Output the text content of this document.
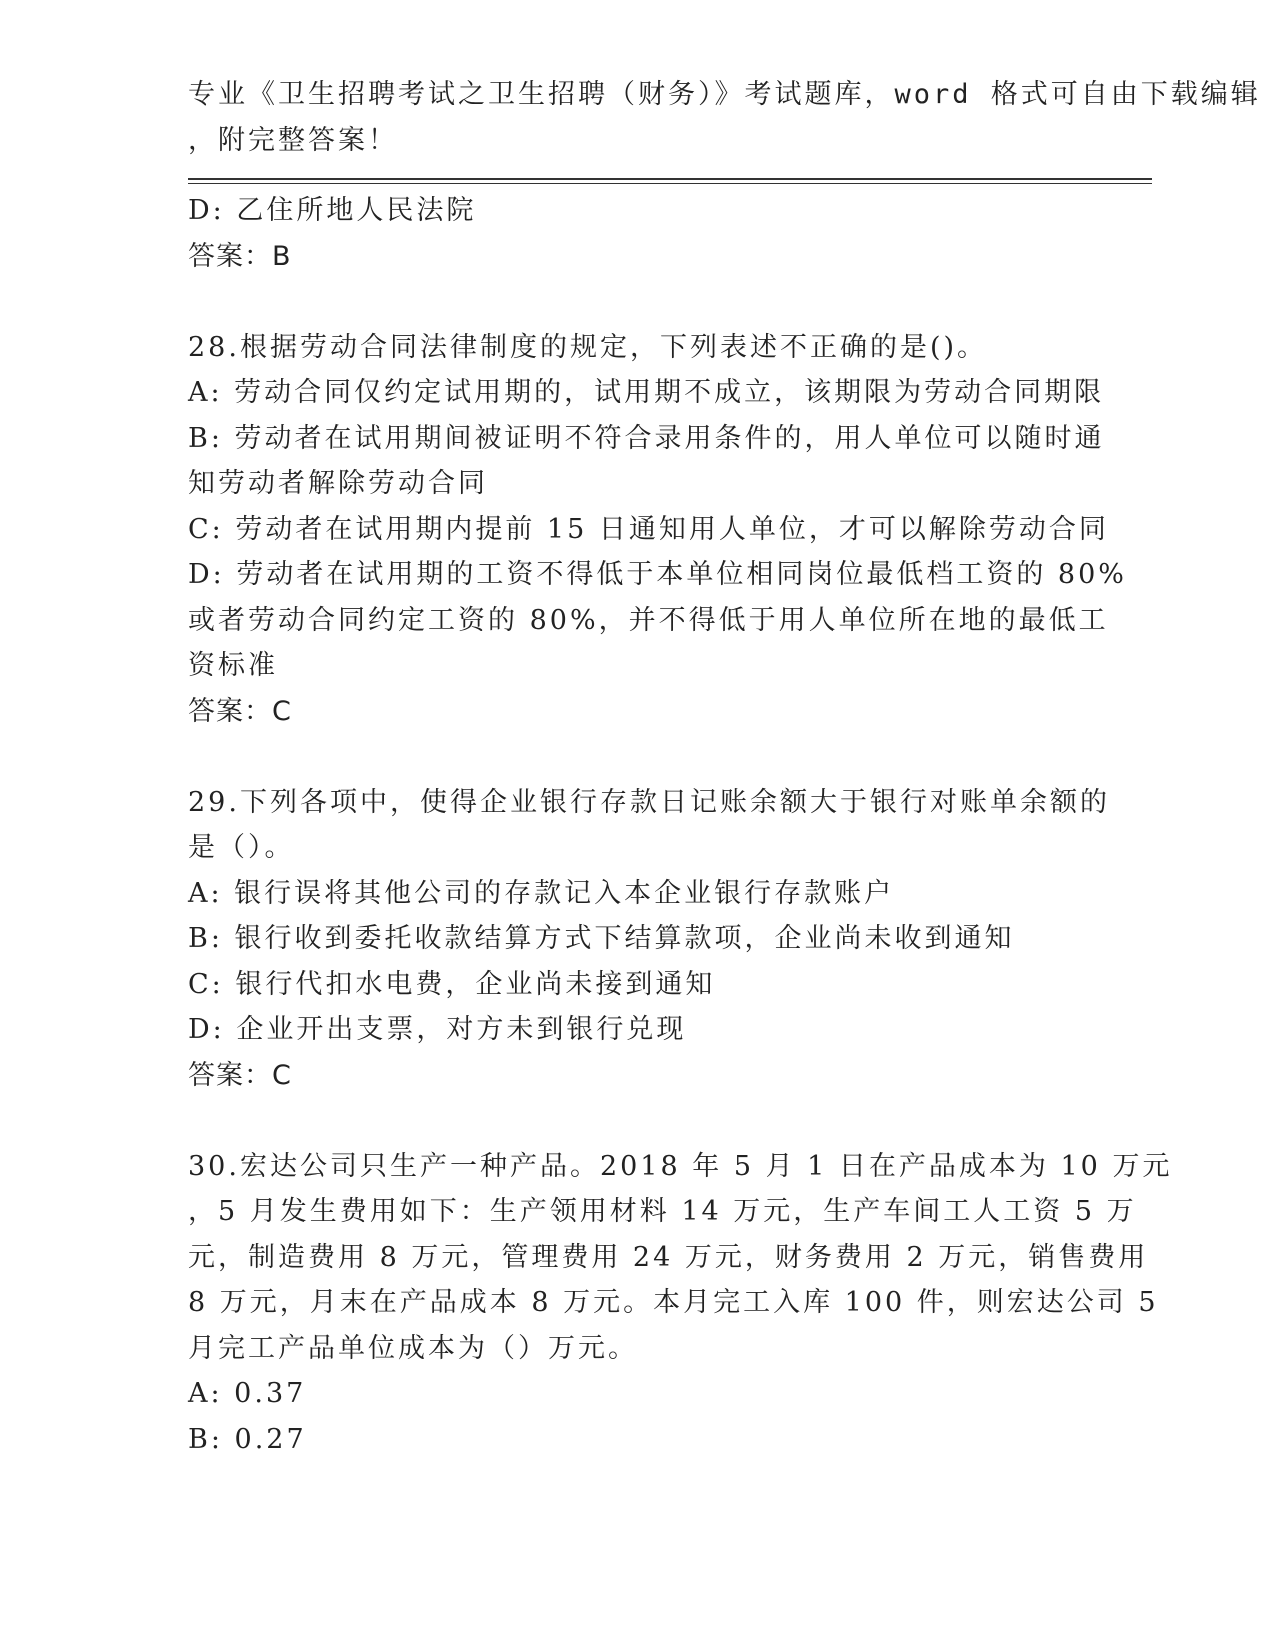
专业《卫生招聘考试之卫生招聘（财务）》考试题库，word 格式可自由下载编辑
，附完整答案！
D: 乙住所地人民法院
答案：B
28.根据劳动合同法律制度的规定，下列表述不正确的是()。
A: 劳动合同仅约定试用期的，试用期不成立，该期限为劳动合同期限
B: 劳动者在试用期间被证明不符合录用条件的，用人单位可以随时通
知劳动者解除劳动合同
C: 劳动者在试用期内提前 15 日通知用人单位，才可以解除劳动合同
D: 劳动者在试用期的工资不得低于本单位相同岗位最低档工资的 80%
或者劳动合同约定工资的 80%，并不得低于用人单位所在地的最低工
资标准
答案：C
29.下列各项中，使得企业银行存款日记账余额大于银行对账单余额的
是（）。
A: 银行误将其他公司的存款记入本企业银行存款账户
B: 银行收到委托收款结算方式下结算款项，企业尚未收到通知
C: 银行代扣水电费，企业尚未接到通知
D: 企业开出支票，对方未到银行兑现
答案：C
30.宏达公司只生产一种产品。2018 年 5 月 1 日在产品成本为 10 万元
，5 月发生费用如下：生产领用材料 14 万元，生产车间工人工资 5 万
元，制造费用 8 万元，管理费用 24 万元，财务费用 2 万元，销售费用
8 万元，月末在产品成本 8 万元。本月完工入库 100 件，则宏达公司 5
月完工产品单位成本为（）万元。
A: 0.37
B: 0.27
